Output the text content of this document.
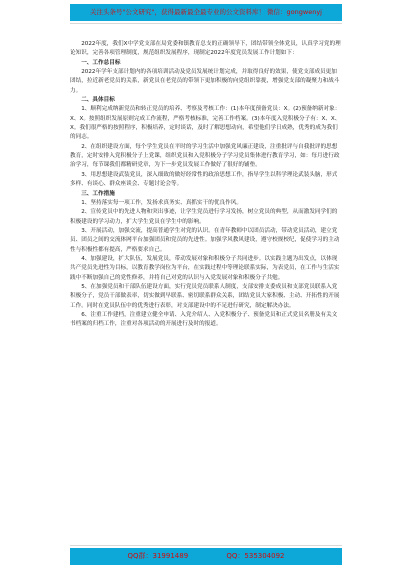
关注头条号"公文研究"，获得最新最全最专业的公文资料库！ 微信：gongwenyj

2022年度，我们X中学党支部在局党委和镇教育总支的正确领导下，团结带领全体党员，认真学习党的理论知识，完善各项管理制度，规范组织发展程序，现制定2022年度党员发展工作计划如下：

一、工作总目标

2022年学年支部计划内的各项培训活动及党员发展统计划完成，并取得良好的效果，使党支部成员更加团结，拉近新老党员的关系，新党员在老党员的带领下更加积极的向党组织靠拢，增强党支部的凝聚力和战斗力。

二、具体目标

1、顺利完成纳新党员和转正党员的培养、考察及考核工作：(1)本年度预备党员：X。(2)预备纳新对象：X、X。按照组织发展原则完成工作流程，严格考核标准，完善工作档案。(3)本年度入党积极分子有：X、X、X。我们很严格的按照程序，积极培养，定时谈话，及时了解思想动向，希望他们学日成熟，优秀的成为我们的同志。

2、在组织建设方面，每个学生党员在平时的学习生活中加强党风廉正建设，注重批评与自我批评的思想教育，定时安排入党积极分子上党课，组织党员和入党积极分子学习党员集体进行教育学习，如：每月进行政治学习，每节课我们都精研党章，为下一步党员发展工作做好了很好的铺垫。

3、用思想建设武装党员，深入细致的做好经常性的政治思想工作，指导学生以科学理论武装头脑，形式多样、有谈心、群众座谈会、专题讨论会等。

三、工作措施

1、坚持落实每一项工作，发扬求真务实、真抓实干的优良作风。

2、宣传党员中的先进人物和突出事迹，让学生党员进行学习发扬，树立党员的典型，从而激发同学们的积极建设的学习动力，扩大学生党员在学生中的影响。

3、开展活动，加强交流，提高普通学生对党的认识。在青年教师中以团员活动，带动党员活动，建立党员、团员之间的交流体网平台加强团员和党员的先进性。加强学风教风建设，遵守校规校纪，促使学习的主动性与积极性都有提高，严格要求自己。

4、加强建设，扩大队伍，发展党员，带动发展对象和积极分子共同进步。以实践主题为出发点，以体现共产党员先进性为目标，以教育教学岗位为平台，在实践过程中等理论联系实际，为表党员，在工作与生活实践中不断加强自己的党性修养，并将自己对党的认识与入党发展对象和积极分子共勉。

5、在加强党员和干部队伍建设方面，实行党员党员联系人制度，支部安排支委成员和支部党员联系入党积极分子，党员干部做表率，切实做到早联系、密切联系群众关系，团结党员大家积极、主动、开拓性的开展工作。同时在党员队伍中的优秀进行表彰，对支部建设中的不足进行研究，制定解决办法。

6、注重工作建档，注重建立健全申请、入党介绍人、入党积极分子、预备党员和正式党员名册及有关文书档案的归档工作，注重对各项活动的开展进行及时的报道。

QQ群：31991489	QQ：535304092
